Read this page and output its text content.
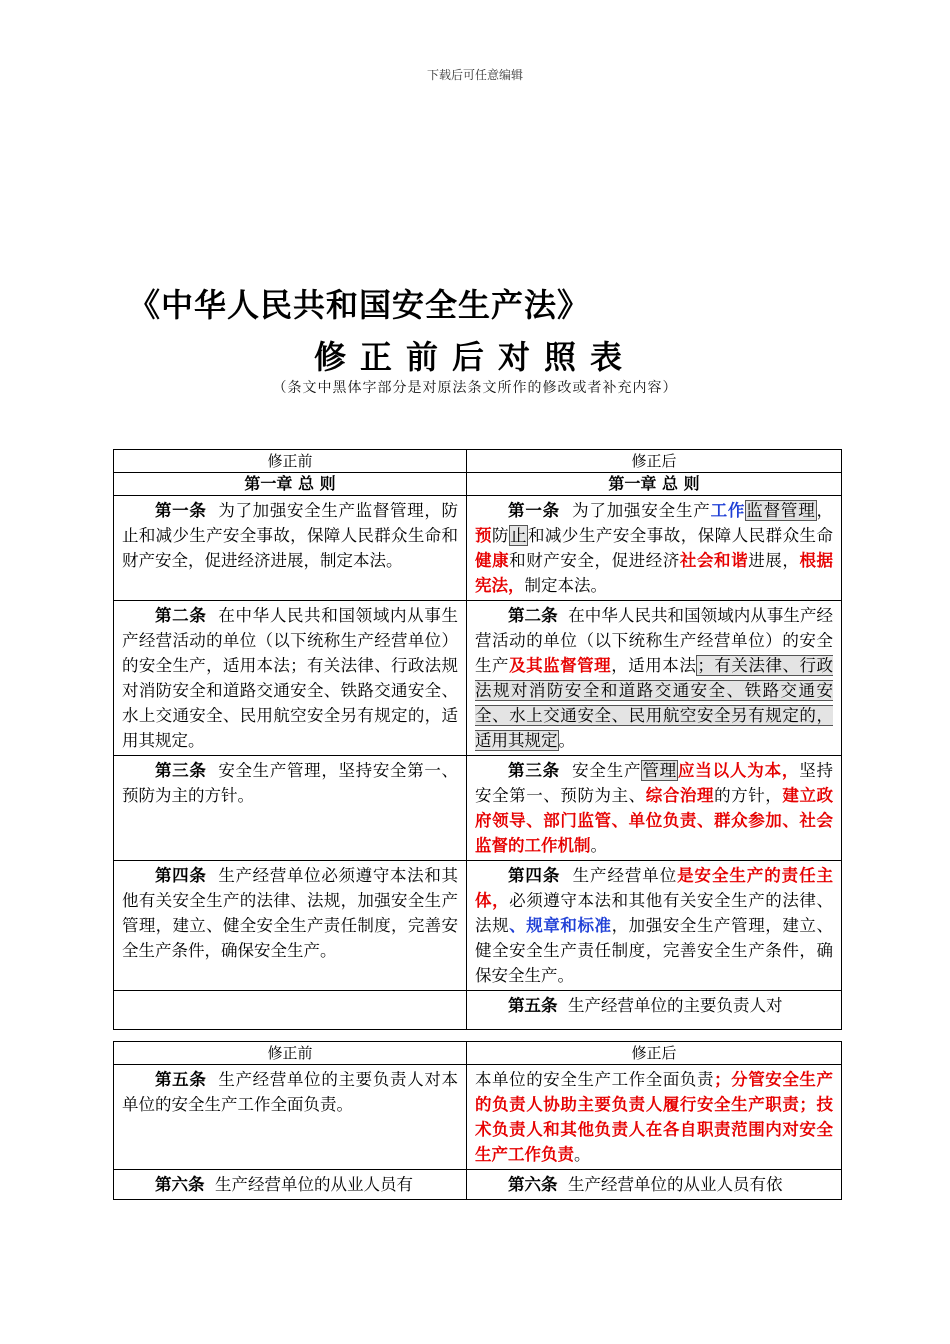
下载后可任意编辑
《中华人民共和国安全生产法》
修正前后对照表
（条文中黑体字部分是对原法条文所作的修改或者补充内容）
修正前	修正后
第一章 总 则	第一章 总 则
第一条 为了加强安全生产监督管理，防止和减少生产安全事故，保障人民群众生命和财产安全，促进经济进展，制定本法。	第一条 为了加强安全生产工作监督管理，预防止和减少生产安全事故，保障人民群众生命健康和财产安全，促进经济社会和谐进展，根据宪法，制定本法。
第二条 在中华人民共和国领域内从事生产经营活动的单位（以下统称生产经营单位）的安全生产，适用本法；有关法律、行政法规对消防安全和道路交通安全、铁路交通安全、水上交通安全、民用航空安全另有规定的，适用其规定。	第二条 在中华人民共和国领域内从事生产经营活动的单位（以下统称生产经营单位）的安全生产及其监督管理，适用本法；有关法律、行政法规对消防安全和道路交通安全、铁路交通安全、水上交通安全、民用航空安全另有规定的，适用其规定。
第三条 安全生产管理，坚持安全第一、预防为主的方针。	第三条 安全生产管理应当以人为本，坚持安全第一、预防为主、综合治理的方针，建立政府领导、部门监管、单位负责、群众参加、社会监督的工作机制。
第四条 生产经营单位必须遵守本法和其他有关安全生产的法律、法规，加强安全生产管理，建立、健全安全生产责任制度，完善安全生产条件，确保安全生产。	第四条 生产经营单位是安全生产的责任主体，必须遵守本法和其他有关安全生产的法律、法规、规章和标准，加强安全生产管理，建立、健全安全生产责任制度，完善安全生产条件，确保安全生产。
	第五条 生产经营单位的主要负责人对
修正前	修正后
第五条 生产经营单位的主要负责人对本单位的安全生产工作全面负责。	本单位的安全生产工作全面负责；分管安全生产的负责人协助主要负责人履行安全生产职责；技术负责人和其他负责人在各自职责范围内对安全生产工作负责。
第六条 生产经营单位的从业人员有	第六条 生产经营单位的从业人员有依
